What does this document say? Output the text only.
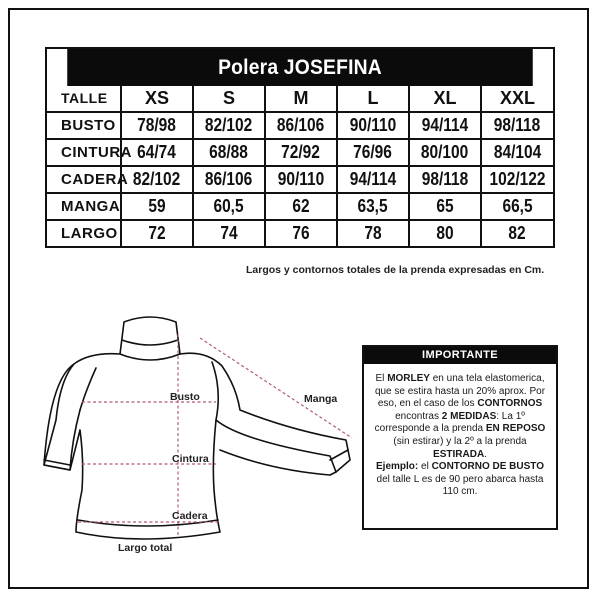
Polera JOSEFINA
TALLE	XS	S	M	L	XL	XXL
BUSTO	78/98	82/102	86/106	90/110	94/114	98/118
CINTURA	64/74	68/88	72/92	76/96	80/100	84/104
CADERA	82/102	86/106	90/110	94/114	98/118	102/122
MANGA	59	60,5	62	63,5	65	66,5
LARGO	72	74	76	78	80	82
Largos y contornos totales de la prenda expresadas en Cm.
Busto
Cintura
Cadera
Manga
Largo total
IMPORTANTE
El MORLEY en una tela elastomerica, que se estira hasta un 20% aprox. Por eso, en el caso de los CONTORNOS encontras 2 MEDIDAS: La 1º corresponde a la prenda EN REPOSO (sin estirar) y la 2º a la prenda ESTIRADA.
Ejemplo: el CONTORNO DE BUSTO del talle L es de 90 pero abarca hasta 110 cm.
